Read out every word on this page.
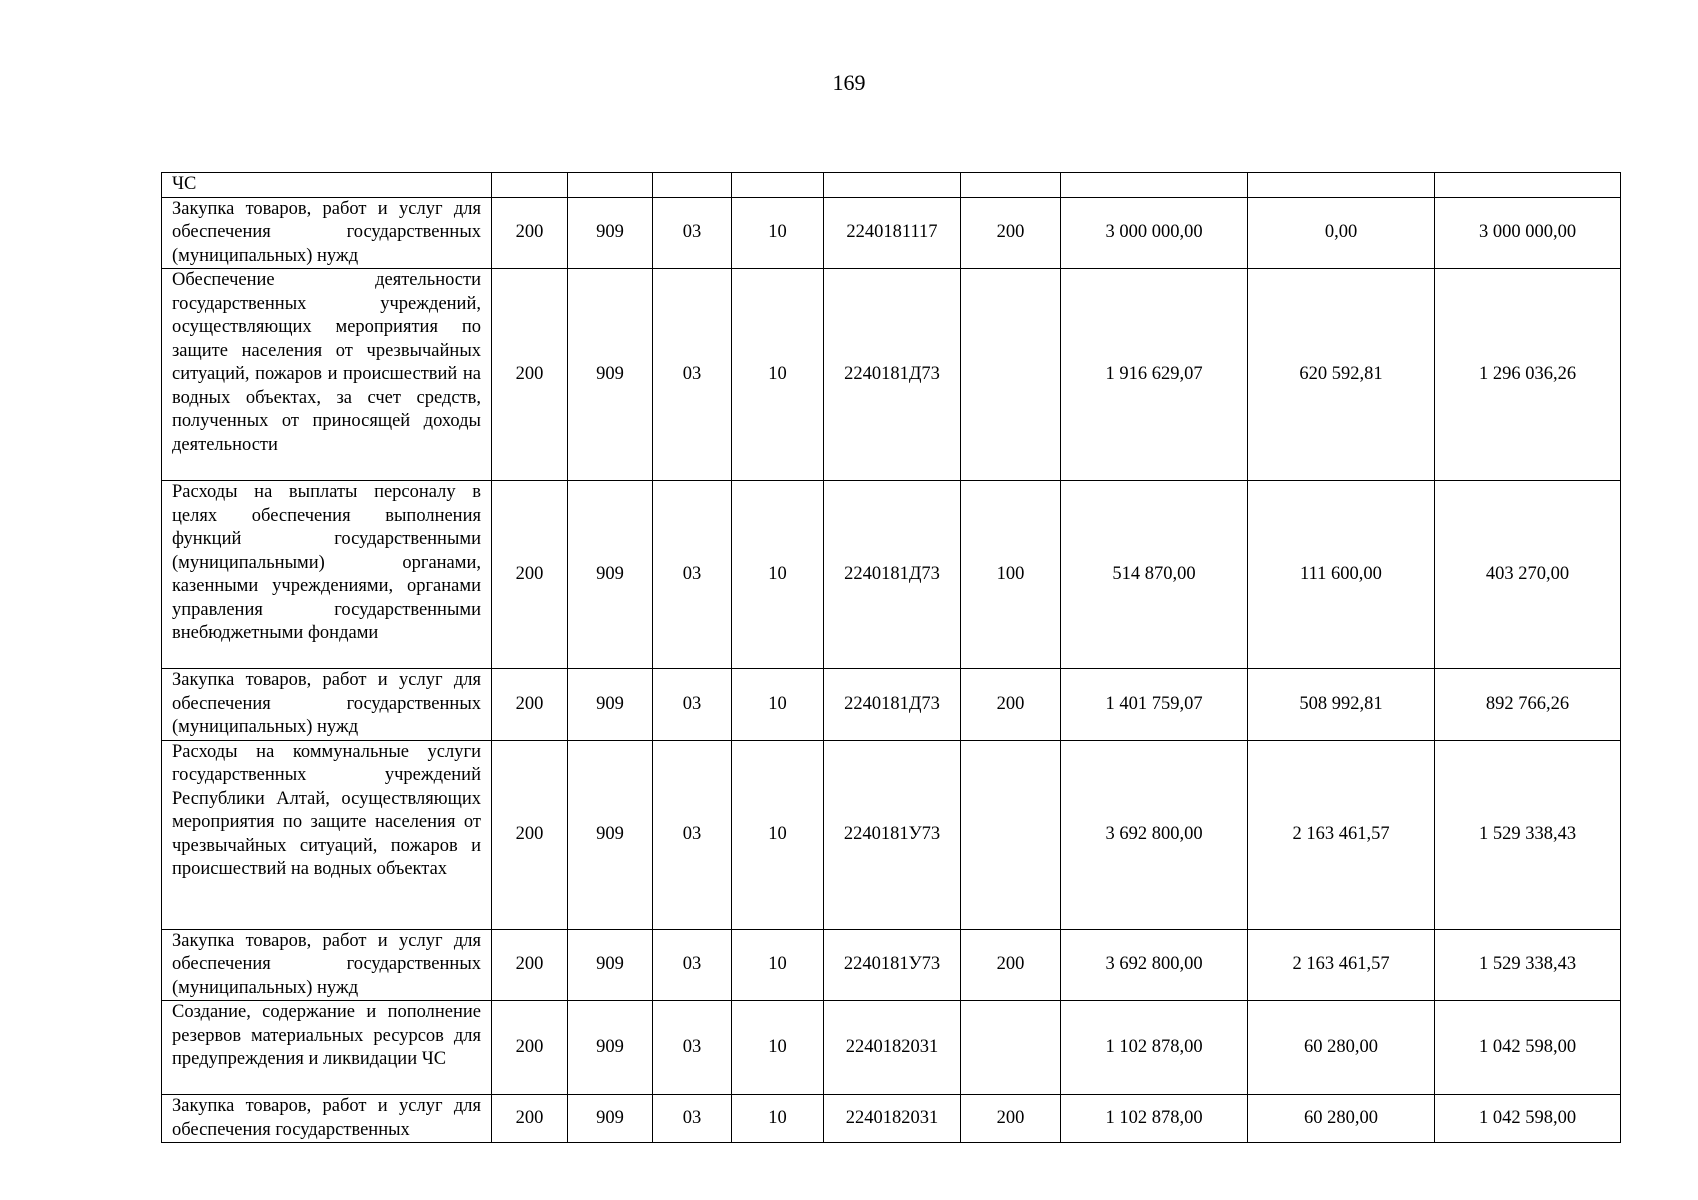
169
ЧС									

Закупка товаров, работ и услуг для обеспечения государственных (муниципальных) нужд	200	909	03	10	2240181117	200	3 000 000,00	0,00	3 000 000,00

Обеспечение деятельности государственных учреждений, осуществляющих мероприятия по защите населения от чрезвычайных ситуаций, пожаров и происшествий на водных объектах, за счет средств, полученных от приносящей доходы деятельности	200	909	03	10	2240181Д73		1 916 629,07	620 592,81	1 296 036,26

Расходы на выплаты персоналу в целях обеспечения выполнения функций государственными (муниципальными) органами, казенными учреждениями, органами управления государственными внебюджетными фондами	200	909	03	10	2240181Д73	100	514 870,00	111 600,00	403 270,00

Закупка товаров, работ и услуг для обеспечения государственных (муниципальных) нужд	200	909	03	10	2240181Д73	200	1 401 759,07	508 992,81	892 766,26

Расходы на коммунальные услуги государственных учреждений Республики Алтай, осуществляющих мероприятия по защите населения от чрезвычайных ситуаций, пожаров и происшествий на водных объектах	200	909	03	10	2240181У73		3 692 800,00	2 163 461,57	1 529 338,43

Закупка товаров, работ и услуг для обеспечения государственных (муниципальных) нужд	200	909	03	10	2240181У73	200	3 692 800,00	2 163 461,57	1 529 338,43

Создание, содержание и пополнение резервов материальных ресурсов для предупреждения и ликвидации ЧС	200	909	03	10	2240182031		1 102 878,00	60 280,00	1 042 598,00

Закупка товаров, работ и услуг для обеспечения государственных	200	909	03	10	2240182031	200	1 102 878,00	60 280,00	1 042 598,00
